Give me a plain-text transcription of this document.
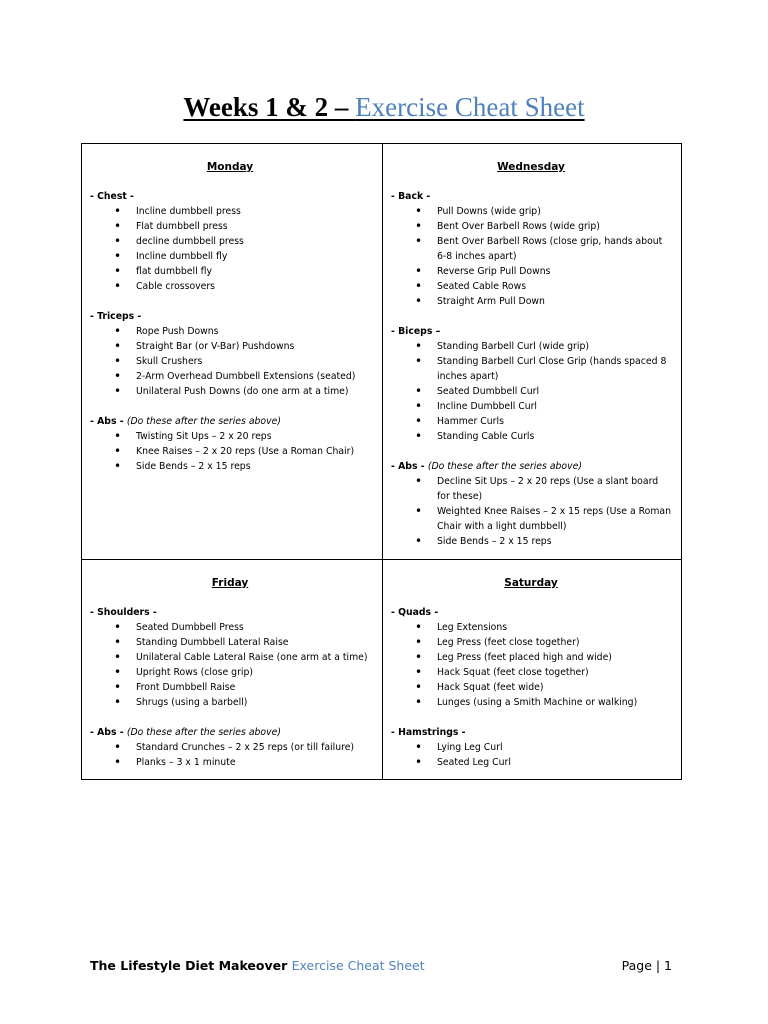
Weeks 1 & 2 – Exercise Cheat Sheet
Monday
- Chest -
• Incline dumbbell press
• Flat dumbbell press
• decline dumbbell press
• Incline dumbbell fly
• flat dumbbell fly
• Cable crossovers
- Triceps -
• Rope Push Downs
• Straight Bar (or V-Bar) Pushdowns
• Skull Crushers
• 2-Arm Overhead Dumbbell Extensions (seated)
• Unilateral Push Downs (do one arm at a time)
- Abs - (Do these after the series above)
• Twisting Sit Ups – 2 x 20 reps
• Knee Raises – 2 x 20 reps (Use a Roman Chair)
• Side Bends – 2 x 15 reps
Wednesday
- Back -
• Pull Downs (wide grip)
• Bent Over Barbell Rows (wide grip)
• Bent Over Barbell Rows (close grip, hands about 6-8 inches apart)
• Reverse Grip Pull Downs
• Seated Cable Rows
• Straight Arm Pull Down
- Biceps –
• Standing Barbell Curl (wide grip)
• Standing Barbell Curl Close Grip (hands spaced 8 inches apart)
• Seated Dumbbell Curl
• Incline Dumbbell Curl
• Hammer Curls
• Standing Cable Curls
- Abs - (Do these after the series above)
• Decline Sit Ups – 2 x 20 reps (Use a slant board for these)
• Weighted Knee Raises – 2 x 15 reps (Use a Roman Chair with a light dumbbell)
• Side Bends – 2 x 15 reps
Friday
- Shoulders -
• Seated Dumbbell Press
• Standing Dumbbell Lateral Raise
• Unilateral Cable Lateral Raise (one arm at a time)
• Upright Rows (close grip)
• Front Dumbbell Raise
• Shrugs (using a barbell)
- Abs - (Do these after the series above)
• Standard Crunches – 2 x 25 reps (or till failure)
• Planks – 3 x 1 minute
Saturday
- Quads -
• Leg Extensions
• Leg Press (feet close together)
• Leg Press (feet placed high and wide)
• Hack Squat (feet close together)
• Hack Squat (feet wide)
• Lunges (using a Smith Machine or walking)
- Hamstrings -
• Lying Leg Curl
• Seated Leg Curl
The Lifestyle Diet Makeover Exercise Cheat Sheet	Page | 1
